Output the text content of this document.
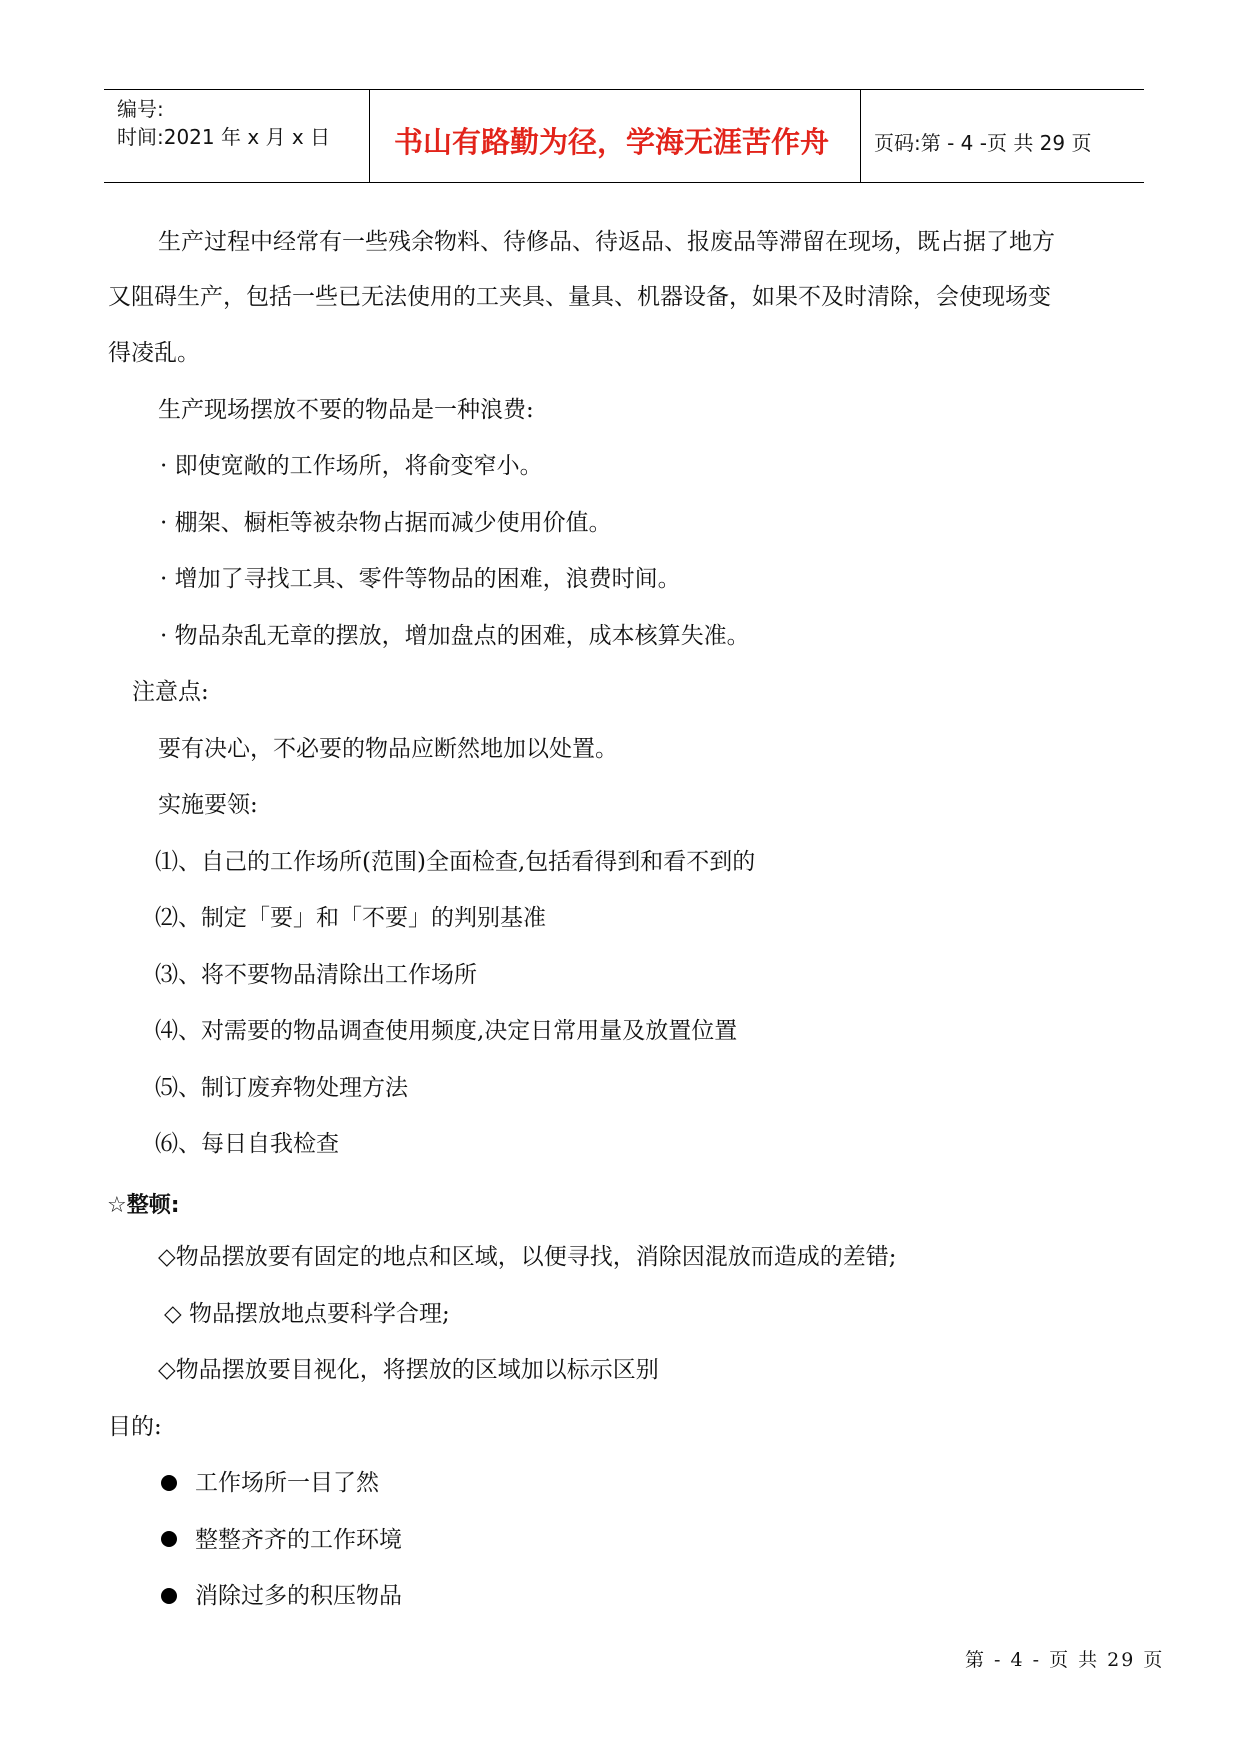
编号:
时间:2021 年 x 月 x 日 书山有路勤为径，学海无涯苦作舟 页码:第 - 4 -页 共 29 页
生产过程中经常有一些残余物料、待修品、待返品、报废品等滞留在现场，既占据了地方
又阻碍生产，包括一些已无法使用的工夹具、量具、机器设备，如果不及时清除，会使现场变
得凌乱。
生产现场摆放不要的物品是一种浪费:
· 即使宽敞的工作场所，将俞变窄小。
· 棚架、橱柜等被杂物占据而减少使用价值。
· 增加了寻找工具、零件等物品的困难，浪费时间。
· 物品杂乱无章的摆放，增加盘点的困难，成本核算失准。
注意点:
要有决心，不必要的物品应断然地加以处置。
实施要领:
⑴、自己的工作场所(范围)全面检查,包括看得到和看不到的
⑵、制定「要」和「不要」的判别基准
⑶、将不要物品清除出工作场所
⑷、对需要的物品调查使用频度,决定日常用量及放置位置
⑸、制订废弃物处理方法
⑹、每日自我检查
☆整顿:
◇物品摆放要有固定的地点和区域，以便寻找，消除因混放而造成的差错;
◇ 物品摆放地点要科学合理;
◇物品摆放要目视化，将摆放的区域加以标示区别
目的:
工作场所一目了然
整整齐齐的工作环境
消除过多的积压物品
第 - 4 - 页 共 29 页
